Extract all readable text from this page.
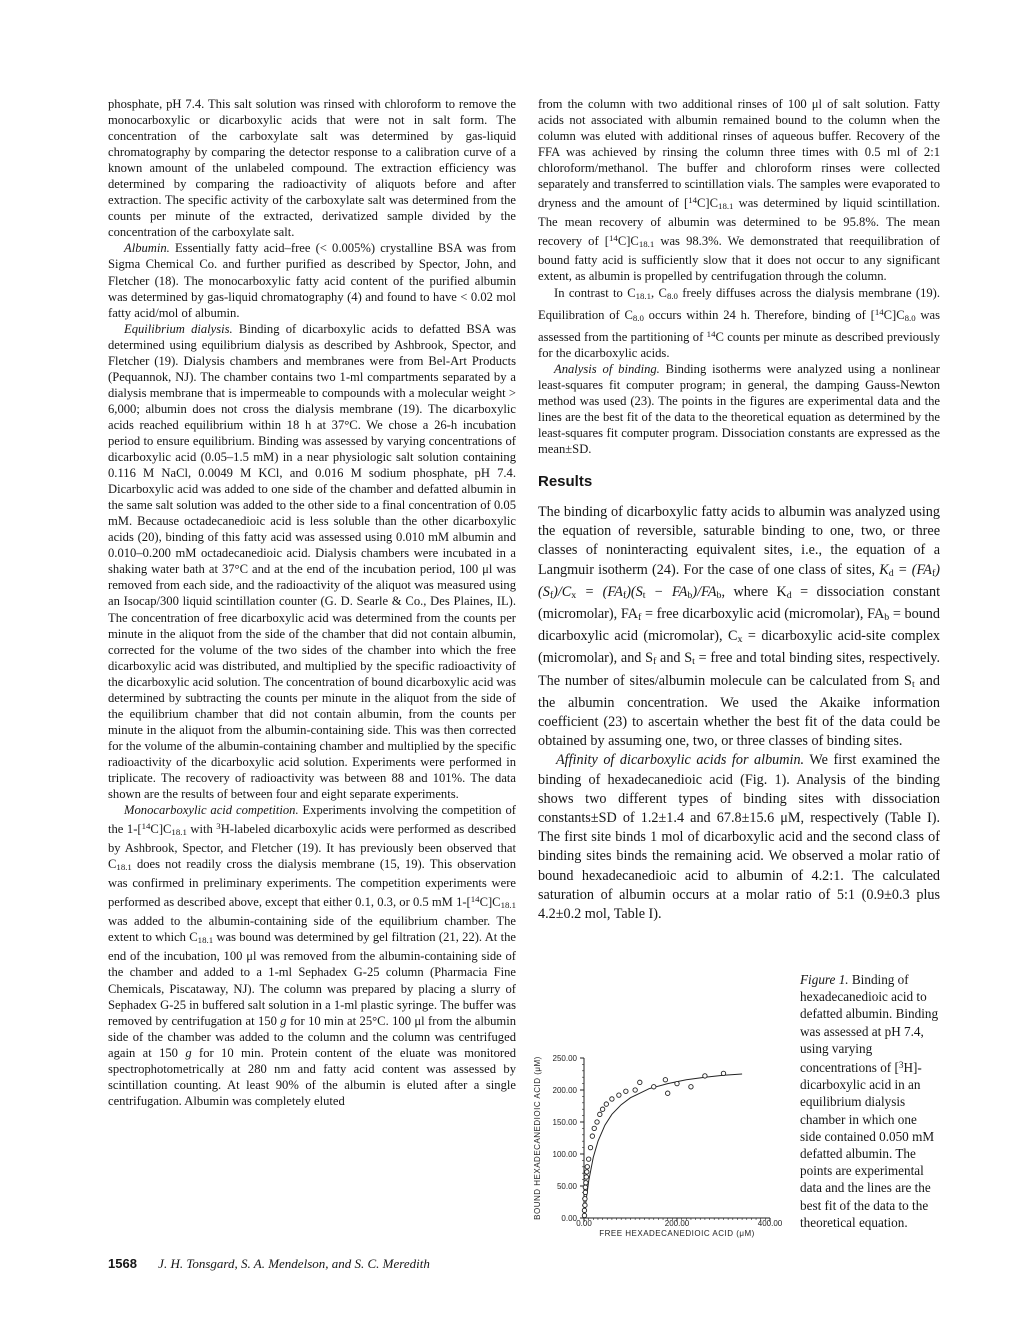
phosphate, pH 7.4. This salt solution was rinsed with chloroform to remove the monocarboxylic or dicarboxylic acids that were not in salt form. The concentration of the carboxylate salt was determined by gas-liquid chromatography by comparing the detector response to a calibration curve of a known amount of the unlabeled compound. The extraction efficiency was determined by comparing the radioactivity of aliquots before and after extraction. The specific activity of the carboxylate salt was determined from the counts per minute of the extracted, derivatized sample divided by the concentration of the carboxylate salt.

Albumin. Essentially fatty acid–free (< 0.005%) crystalline BSA was from Sigma Chemical Co. and further purified as described by Spector, John, and Fletcher (18). The monocarboxylic fatty acid content of the purified albumin was determined by gas-liquid chromatography (4) and found to have < 0.02 mol fatty acid/mol of albumin.

Equilibrium dialysis. Binding of dicarboxylic acids to defatted BSA was determined using equilibrium dialysis as described by Ashbrook, Spector, and Fletcher (19). Dialysis chambers and membranes were from Bel-Art Products (Pequannok, NJ). The chamber contains two 1-ml compartments separated by a dialysis membrane that is impermeable to compounds with a molecular weight > 6,000; albumin does not cross the dialysis membrane (19). The dicarboxylic acids reached equilibrium within 18 h at 37°C. We chose a 26-h incubation period to ensure equilibrium. Binding was assessed by varying concentrations of dicarboxylic acid (0.05–1.5 mM) in a near physiologic salt solution containing 0.116 M NaCl, 0.0049 M KCl, and 0.016 M sodium phosphate, pH 7.4. Dicarboxylic acid was added to one side of the chamber and defatted albumin in the same salt solution was added to the other side to a final concentration of 0.05 mM. Because octadecanedioic acid is less soluble than the other dicarboxylic acids (20), binding of this fatty acid was assessed using 0.010 mM albumin and 0.010–0.200 mM octadecanedioic acid. Dialysis chambers were incubated in a shaking water bath at 37°C and at the end of the incubation period, 100 μl was removed from each side, and the radioactivity of the aliquot was measured using an Isocap/300 liquid scintillation counter (G. D. Searle & Co., Des Plaines, IL). The concentration of free dicarboxylic acid was determined from the counts per minute in the aliquot from the side of the chamber that did not contain albumin, corrected for the volume of the two sides of the chamber into which the free dicarboxylic acid was distributed, and multiplied by the specific radioactivity of the dicarboxylic acid solution. The concentration of bound dicarboxylic acid was determined by subtracting the counts per minute in the aliquot from the side of the equilibrium chamber that did not contain albumin, from the counts per minute in the aliquot from the albumin-containing side. This was then corrected for the volume of the albumin-containing chamber and multiplied by the specific radioactivity of the dicarboxylic acid solution. Experiments were performed in triplicate. The recovery of radioactivity was between 88 and 101%. The data shown are the results of between four and eight separate experiments.

Monocarboxylic acid competition. Experiments involving the competition of the $1-[^{14}C]C_{18.1}$ with $^3$H-labeled dicarboxylic acids were performed as described by Ashbrook, Spector, and Fletcher (19). It has previously been observed that $C_{18.1}$ does not readily cross the dialysis membrane (15, 19). This observation was confirmed in preliminary experiments. The competition experiments were performed as described above, except that either 0.1, 0.3, or 0.5 mM $1-[^{14}C]C_{18.1}$ was added to the albumin-containing side of the equilibrium chamber. The extent to which $C_{18.1}$ was bound was determined by gel filtration (21, 22). At the end of the incubation, 100 μl was removed from the albumin-containing side of the chamber and added to a 1-ml Sephadex G-25 column (Pharmacia Fine Chemicals, Piscataway, NJ). The column was prepared by placing a slurry of Sephadex G-25 in buffered salt solution in a 1-ml plastic syringe. The buffer was removed by centrifugation at 150 g for 10 min at 25°C. 100 μl from the albumin side of the chamber was added to the column and the column was centrifuged again at 150 g for 10 min. Protein content of the eluate was monitored spectrophotometrically at 280 nm and fatty acid content was assessed by scintillation counting. At least 90% of the albumin is eluted after a single centrifugation. Albumin was completely eluted

from the column with two additional rinses of 100 μl of salt solution. Fatty acids not associated with albumin remained bound to the column when the column was eluted with additional rinses of aqueous buffer. Recovery of the FFA was achieved by rinsing the column three times with 0.5 ml of 2:1 chloroform/methanol. The buffer and chloroform rinses were collected separately and transferred to scintillation vials. The samples were evaporated to dryness and the amount of $[^{14}C]C_{18.1}$ was determined by liquid scintillation. The mean recovery of albumin was determined to be 95.8%. The mean recovery of $[^{14}C]C_{18.1}$ was 98.3%. We demonstrated that reequilibration of bound fatty acid is sufficiently slow that it does not occur to any significant extent, as albumin is propelled by centrifugation through the column.

In contrast to $C_{18.1}$, $C_{8.0}$ freely diffuses across the dialysis membrane (19). Equilibration of $C_{8.0}$ occurs within 24 h. Therefore, binding of $[^{14}C]C_{8.0}$ was assessed from the partitioning of $^{14}$C counts per minute as described previously for the dicarboxylic acids.

Analysis of binding. Binding isotherms were analyzed using a nonlinear least-squares fit computer program; in general, the damping Gauss-Newton method was used (23). The points in the figures are experimental data and the lines are the best fit of the data to the theoretical equation as determined by the least-squares fit computer program. Dissociation constants are expressed as the mean±SD.

Results

The binding of dicarboxylic fatty acids to albumin was analyzed using the equation of reversible, saturable binding to one, two, or three classes of noninteracting equivalent sites, i.e., the equation of a Langmuir isotherm (24). For the case of one class of sites, $K_d = (FA_f)(S_f)/C_x = (FA_f)(S_t - FA_b)/FA_b$, where $K_d$ = dissociation constant (micromolar), $FA_f$ = free dicarboxylic acid (micromolar), $FA_b$ = bound dicarboxylic acid (micromolar), $C_x$ = dicarboxylic acid-site complex (micromolar), and $S_f$ and $S_t$ = free and total binding sites, respectively. The number of sites/albumin molecule can be calculated from $S_t$ and the albumin concentration. We used the Akaike information coefficient (23) to ascertain whether the best fit of the data could be obtained by assuming one, two, or three classes of binding sites.

Affinity of dicarboxylic acids for albumin. We first examined the binding of hexadecanedioic acid (Fig. 1). Analysis of the binding shows two different types of binding sites with dissociation constants±SD of 1.2±1.4 and 67.8±15.6 μM, respectively (Table I). The first site binds 1 mol of dicarboxylic acid and the second class of binding sites binds the remaining acid. We observed a molar ratio of bound hexadecanedioic acid to albumin of 4.2:1. The calculated saturation of albumin occurs at a molar ratio of 5:1 (0.9±0.3 plus 4.2±0.2 mol, Table I).

0.00
50.00
100.00
150.00
200.00
250.00
0.00	200.00	400.00
BOUND HEXADECANEDIOIC ACID (μM)
FREE HEXADECANEDIOIC ACID (μM)
Figure 1. Binding of hexadecanedioic acid to defatted albumin. Binding was assessed at pH 7.4, using varying concentrations of [$^3$H]-dicarboxylic acid in an equilibrium dialysis chamber in which one side contained 0.050 mM defatted albumin. The points are experimental data and the lines are the best fit of the data to the theoretical equation.
1568 J. H. Tonsgard, S. A. Mendelson, and S. C. Meredith
